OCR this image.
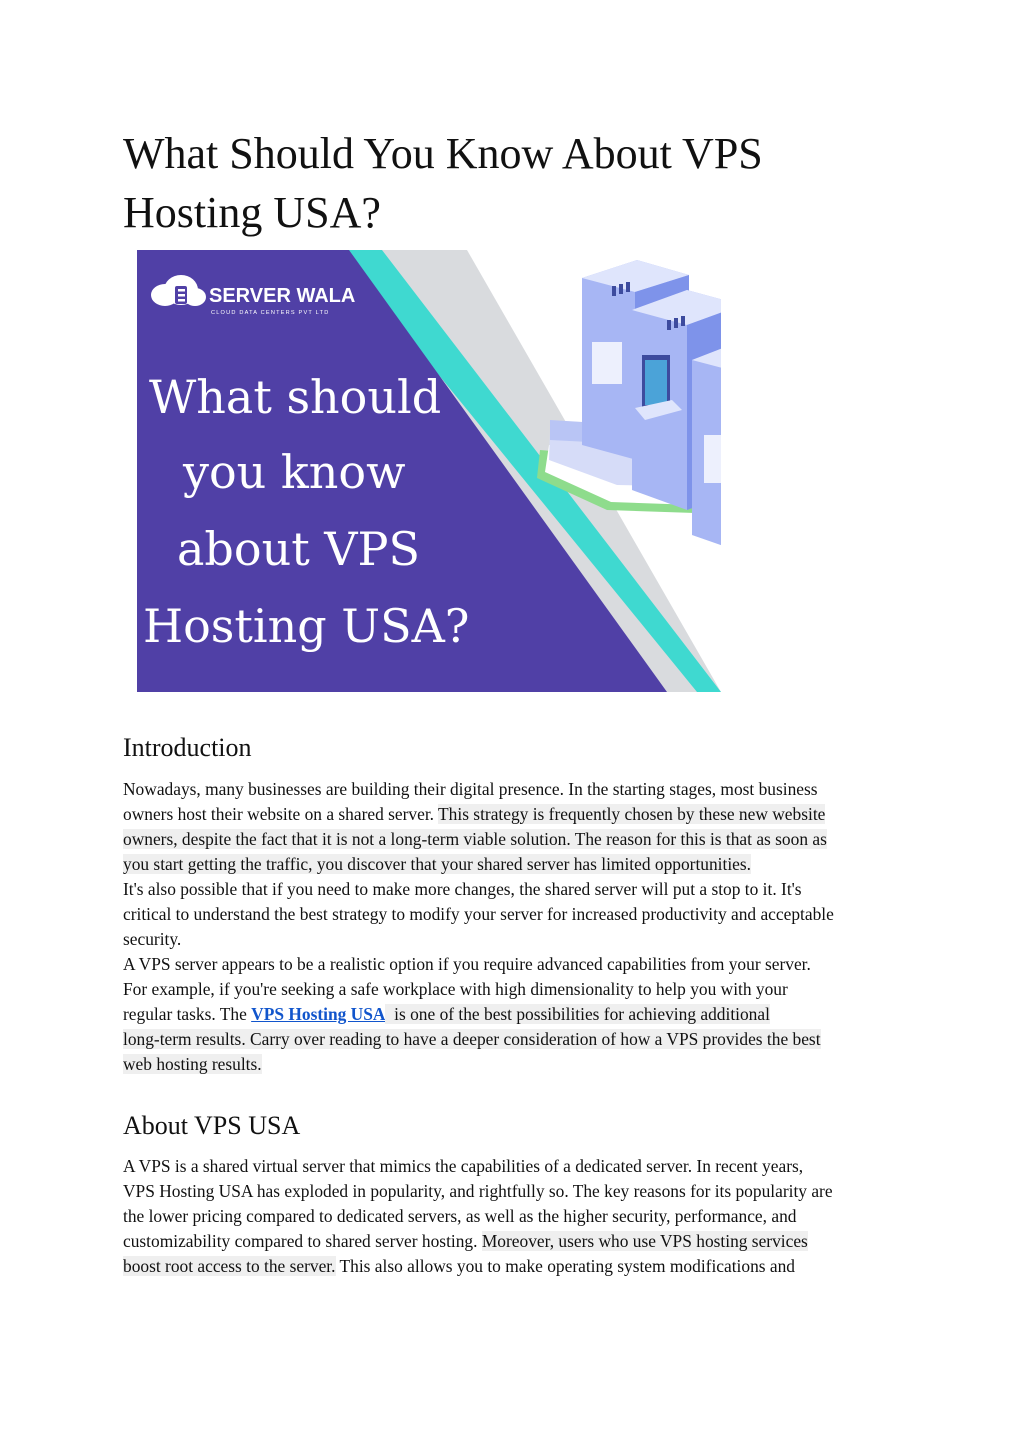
What Should You Know About VPS
Hosting USA?
SERVER WALA
CLOUD DATA CENTERS PVT LTD
What should
you know
about VPS
Hosting USA?
Introduction

Nowadays, many businesses are building their digital presence. In the starting stages, most business
owners host their website on a shared server. This strategy is frequently chosen by these new website
owners, despite the fact that it is not a long-term viable solution. The reason for this is that as soon as
you start getting the traffic, you discover that your shared server has limited opportunities.

It's also possible that if you need to make more changes, the shared server will put a stop to it. It's
critical to understand the best strategy to modify your server for increased productivity and acceptable
security.

A VPS server appears to be a realistic option if you require advanced capabilities from your server.
For example, if you're seeking a safe workplace with high dimensionality to help you with your
regular tasks. The VPS Hosting USA  is one of the best possibilities for achieving additional
long-term results. Carry over reading to have a deeper consideration of how a VPS provides the best
web hosting results.

About VPS USA

A VPS is a shared virtual server that mimics the capabilities of a dedicated server. In recent years,
VPS Hosting USA has exploded in popularity, and rightfully so. The key reasons for its popularity are
the lower pricing compared to dedicated servers, as well as the higher security, performance, and
customizability compared to shared server hosting. Moreover, users who use VPS hosting services
boost root access to the server. This also allows you to make operating system modifications and
